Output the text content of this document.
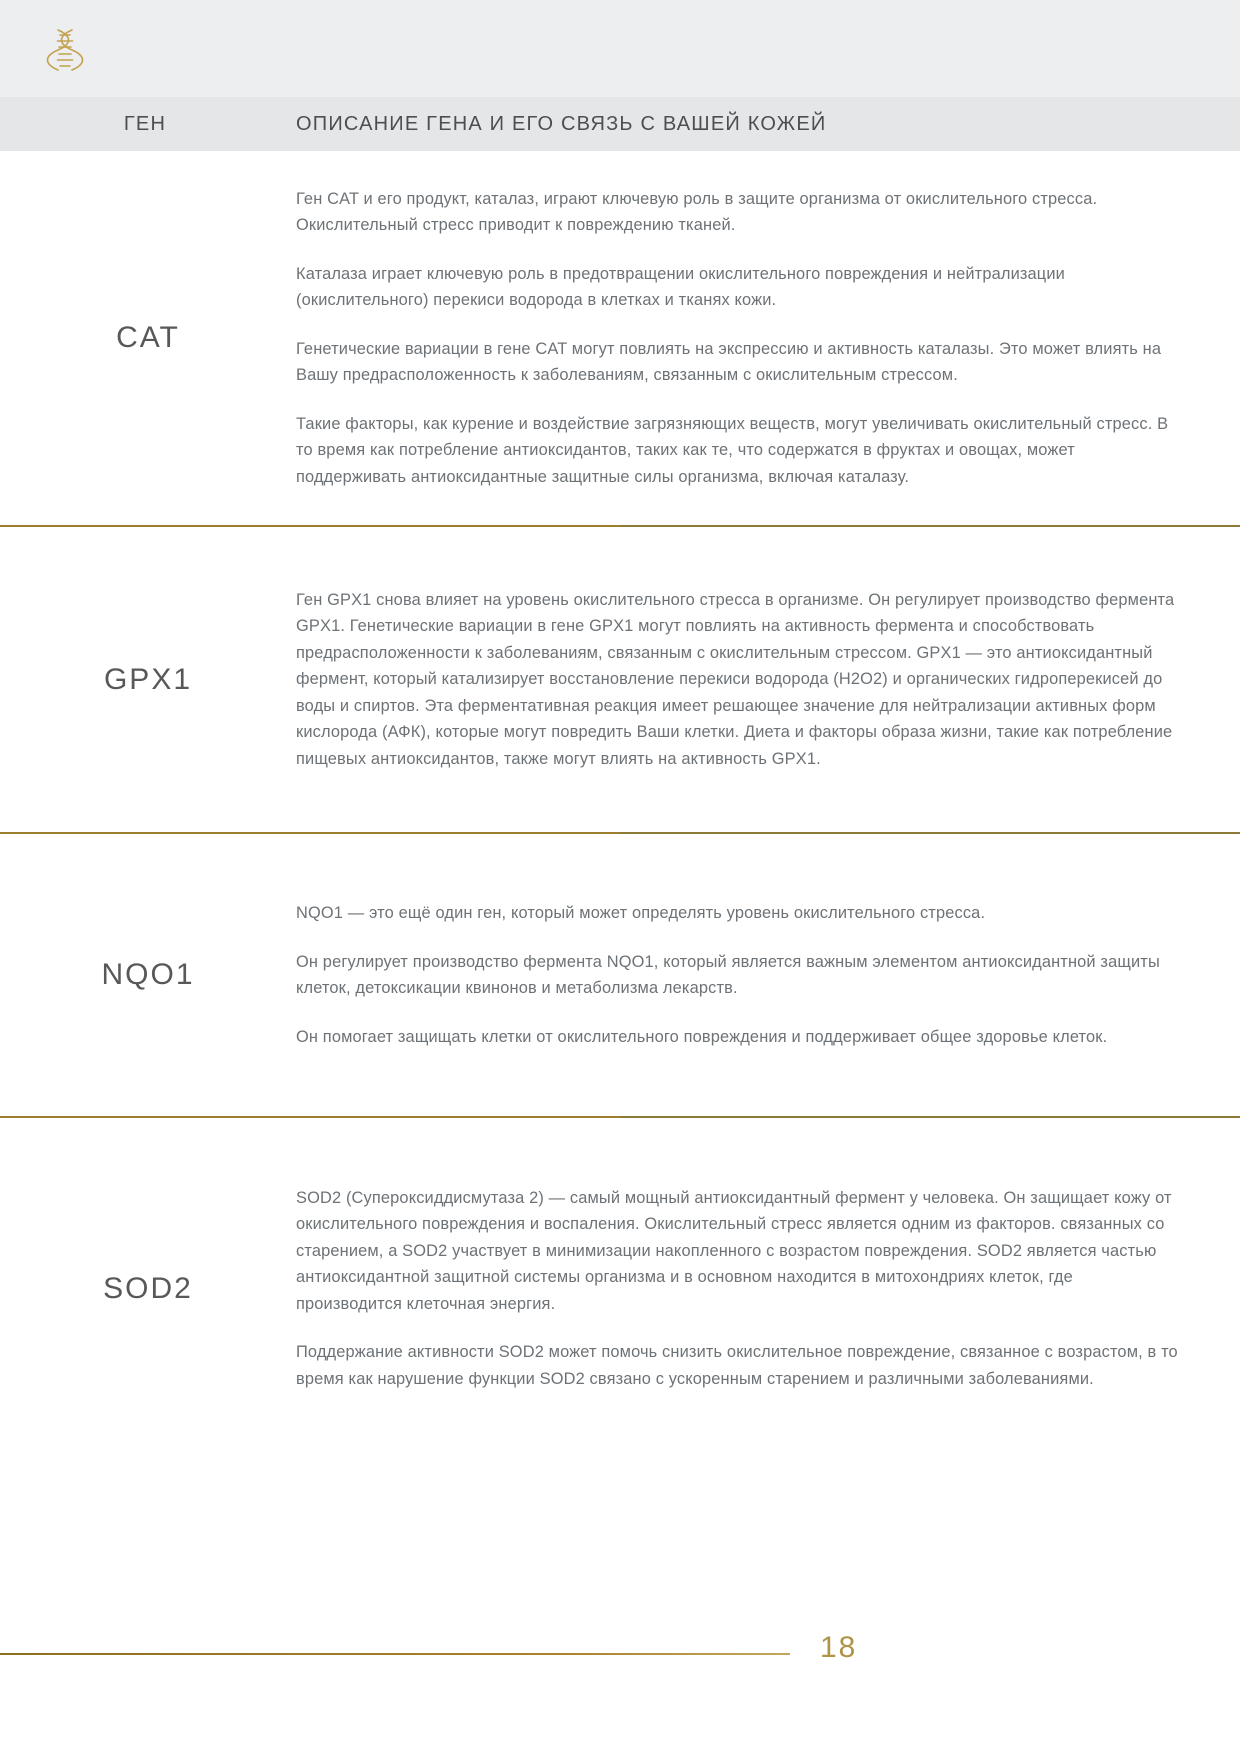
ГЕН	ОПИСАНИЕ ГЕНА И ЕГО СВЯЗЬ С ВАШЕЙ КОЖЕЙ
CAT

Ген CAT и его продукт, каталаз, играют ключевую роль в защите организма от окислительного стресса. Окислительный стресс приводит к повреждению тканей.

Каталаза играет ключевую роль в предотвращении окислительного повреждения и нейтрализации (окислительного) перекиси водорода в клетках и тканях кожи.

Генетические вариации в гене CAT могут повлиять на экспрессию и активность каталазы. Это может влиять на Вашу предрасположенность к заболеваниям, связанным с окислительным стрессом.

Такие факторы, как курение и воздействие загрязняющих веществ, могут увеличивать окислительный стресс. В то время как потребление антиоксидантов, таких как те, что содержатся в фруктах и овощах, может поддерживать антиоксидантные защитные силы организма, включая каталазу.

GPX1

Ген GPX1 снова влияет на уровень окислительного стресса в организме. Он регулирует производство фермента GPX1. Генетические вариации в гене GPX1 могут повлиять на активность фермента и способствовать предрасположенности к заболеваниям, связанным с окислительным стрессом. GPX1 — это антиоксидантный фермент, который катализирует восстановление перекиси водорода (H2O2) и органических гидроперекисей до воды и спиртов. Эта ферментативная реакция имеет решающее значение для нейтрализации активных форм кислорода (АФК), которые могут повредить Ваши клетки. Диета и факторы образа жизни, такие как потребление пищевых антиоксидантов, также могут влиять на активность GPX1.

NQO1

NQO1 — это ещё один ген, который может определять уровень окислительного стресса.

Он регулирует производство фермента NQO1, который является важным элементом антиоксидантной защиты клеток, детоксикации квинонов и метаболизма лекарств.

Он помогает защищать клетки от окислительного повреждения и поддерживает общее здоровье клеток.

SOD2

SOD2 (Супероксиддисмутаза 2) — самый мощный антиоксидантный фермент у человека. Он защищает кожу от окислительного повреждения и воспаления. Окислительный стресс является одним из факторов. связанных со старением, а SOD2 участвует в минимизации накопленного с возрастом повреждения. SOD2 является частью антиоксидантной защитной системы организма и в основном находится в митохондриях клеток, где производится клеточная энергия.

Поддержание активности SOD2 может помочь снизить окислительное повреждение, связанное с возрастом, в то время как нарушение функции SOD2 связано с ускоренным старением и различными заболеваниями.

18
